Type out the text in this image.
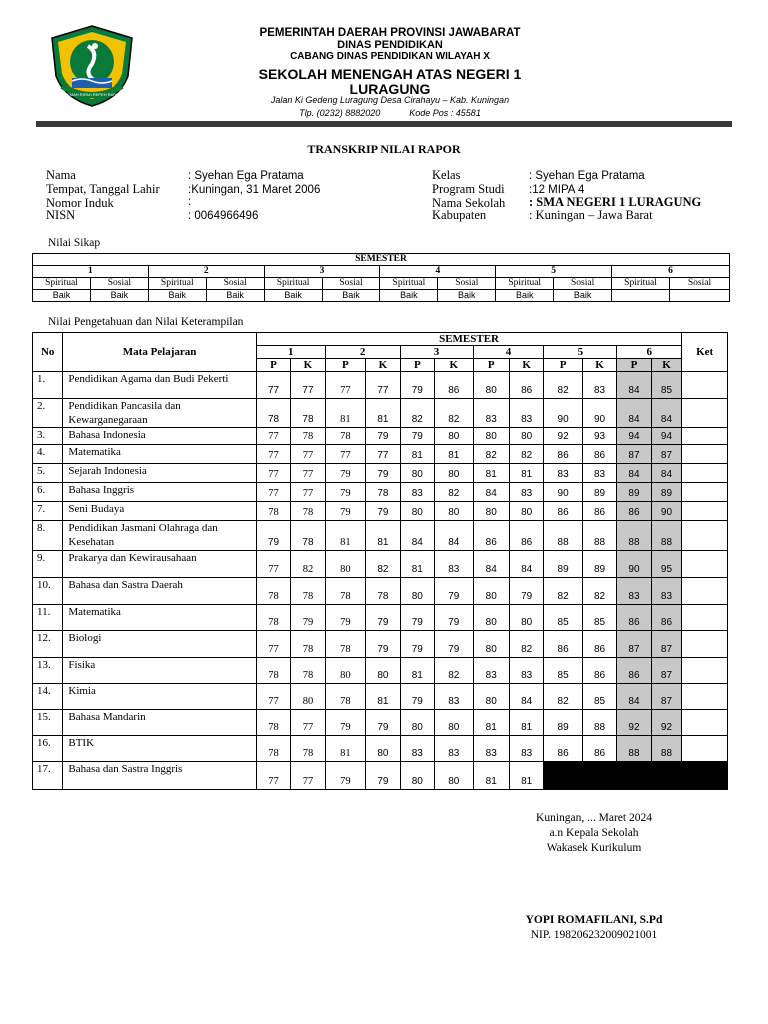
GEMAH RIPAH REPEH RAPIH
PEMERINTAH DAERAH PROVINSI JAWABARAT
DINAS PENDIDIKAN
CABANG DINAS PENDIDIKAN WILAYAH X
SEKOLAH MENENGAH ATAS NEGERI 1
LURAGUNG
Jalan Ki Gedeng Luragung Desa Cirahayu – Kab. Kuningan
Tlp. (0232) 8882020	Kode Pos : 45581
TRANSKRIP NILAI RAPOR
Nama	: Syehan Ega Pratama
Tempat, Tanggal Lahir :Kuningan, 31 Maret 2006
Nomor Induk	:
NISN	: 0064966496
Kelas	: Syehan Ega Pratama
Program Studi :12 MIPA 4
Nama Sekolah : SMA NEGERI 1 LURAGUNG
Kabupaten	: Kuningan – Jawa Barat
Nilai Sikap
SEMESTER											
1		2		3		4		5		6	
Spiritual	Sosial	Spiritual	Sosial	Spiritual	Sosial	Spiritual	Sosial	Spiritual	Sosial	Spiritual	Sosial
Baik	Baik	Baik	Baik	Baik	Baik	Baik	Baik	Baik	Baik		
Nilai Pengetahuan dan Nilai Keterampilan
No	Mata Pelajaran	SEMESTER												Ket
		1		2		3		4		5		6		
		P	K	P	K	P	K	P	K	P	K	P	K	
1.	Pendidikan Agama dan Budi Pekerti	77	77	77	77	79	86	80	86	82	83	84	85	
2.	Pendidikan Pancasila dan Kewarganegaraan	78	78	81	81	82	82	83	83	90	90	84	84	
3.	Bahasa Indonesia	77	78	78	79	79	80	80	80	92	93	94	94	
4.	Matematika	77	77	77	77	81	81	82	82	86	86	87	87	
5.	Sejarah Indonesia	77	77	79	79	80	80	81	81	83	83	84	84	
6.	Bahasa Inggris	77	77	79	78	83	82	84	83	90	89	89	89	
7.	Seni Budaya	78	78	79	79	80	80	80	80	86	86	86	90	
8.	Pendidikan Jasmani Olahraga dan Kesehatan	79	78	81	81	84	84	86	86	88	88	88	88	
9.	Prakarya dan Kewirausahaan	77	82	80	82	81	83	84	84	89	89	90	95	
10.	Bahasa dan Sastra Daerah	78	78	78	78	80	79	80	79	82	82	83	83	
11.	Matematika	78	79	79	79	79	79	80	80	85	85	86	86	
12.	Biologi	77	78	78	79	79	79	80	82	86	86	87	87	
13.	Fisika	78	78	80	80	81	82	83	83	85	86	86	87	
14.	Kimia	77	80	78	81	79	83	80	84	82	85	84	87	
15.	Bahasa Mandarin	78	77	79	79	80	80	81	81	89	88	92	92	
16.	BTIK	78	78	81	80	83	83	83	83	86	86	88	88	
17.	Bahasa dan Sastra Inggris	77	77	79	79	80	80	81	81					
Kuningan, ... Maret 2024
a.n Kepala Sekolah
Wakasek Kurikulum
YOPI ROMAFILANI, S.Pd
NIP. 198206232009021001
